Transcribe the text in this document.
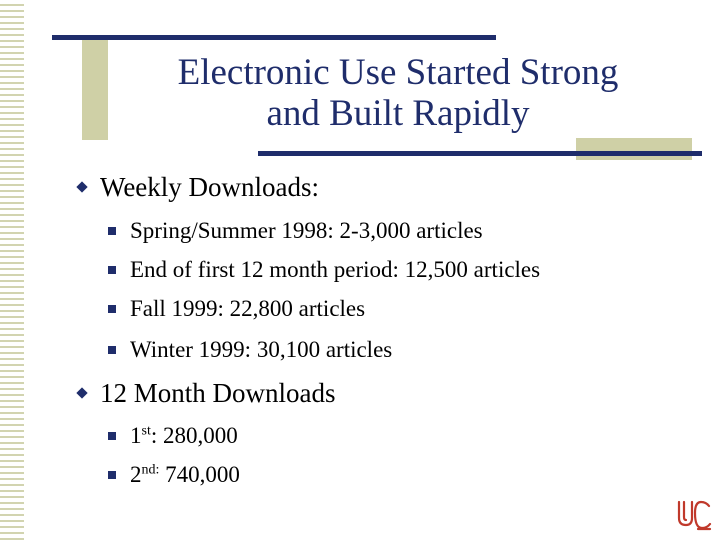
Electronic Use Started Strong
and Built Rapidly
Weekly Downloads:
Spring/Summer 1998: 2-3,000 articles
End of first 12 month period: 12,500 articles
Fall 1999: 22,800 articles
Winter 1999: 30,100 articles
12 Month Downloads
1st: 280,000
$2^{nd:}$ 740,000
